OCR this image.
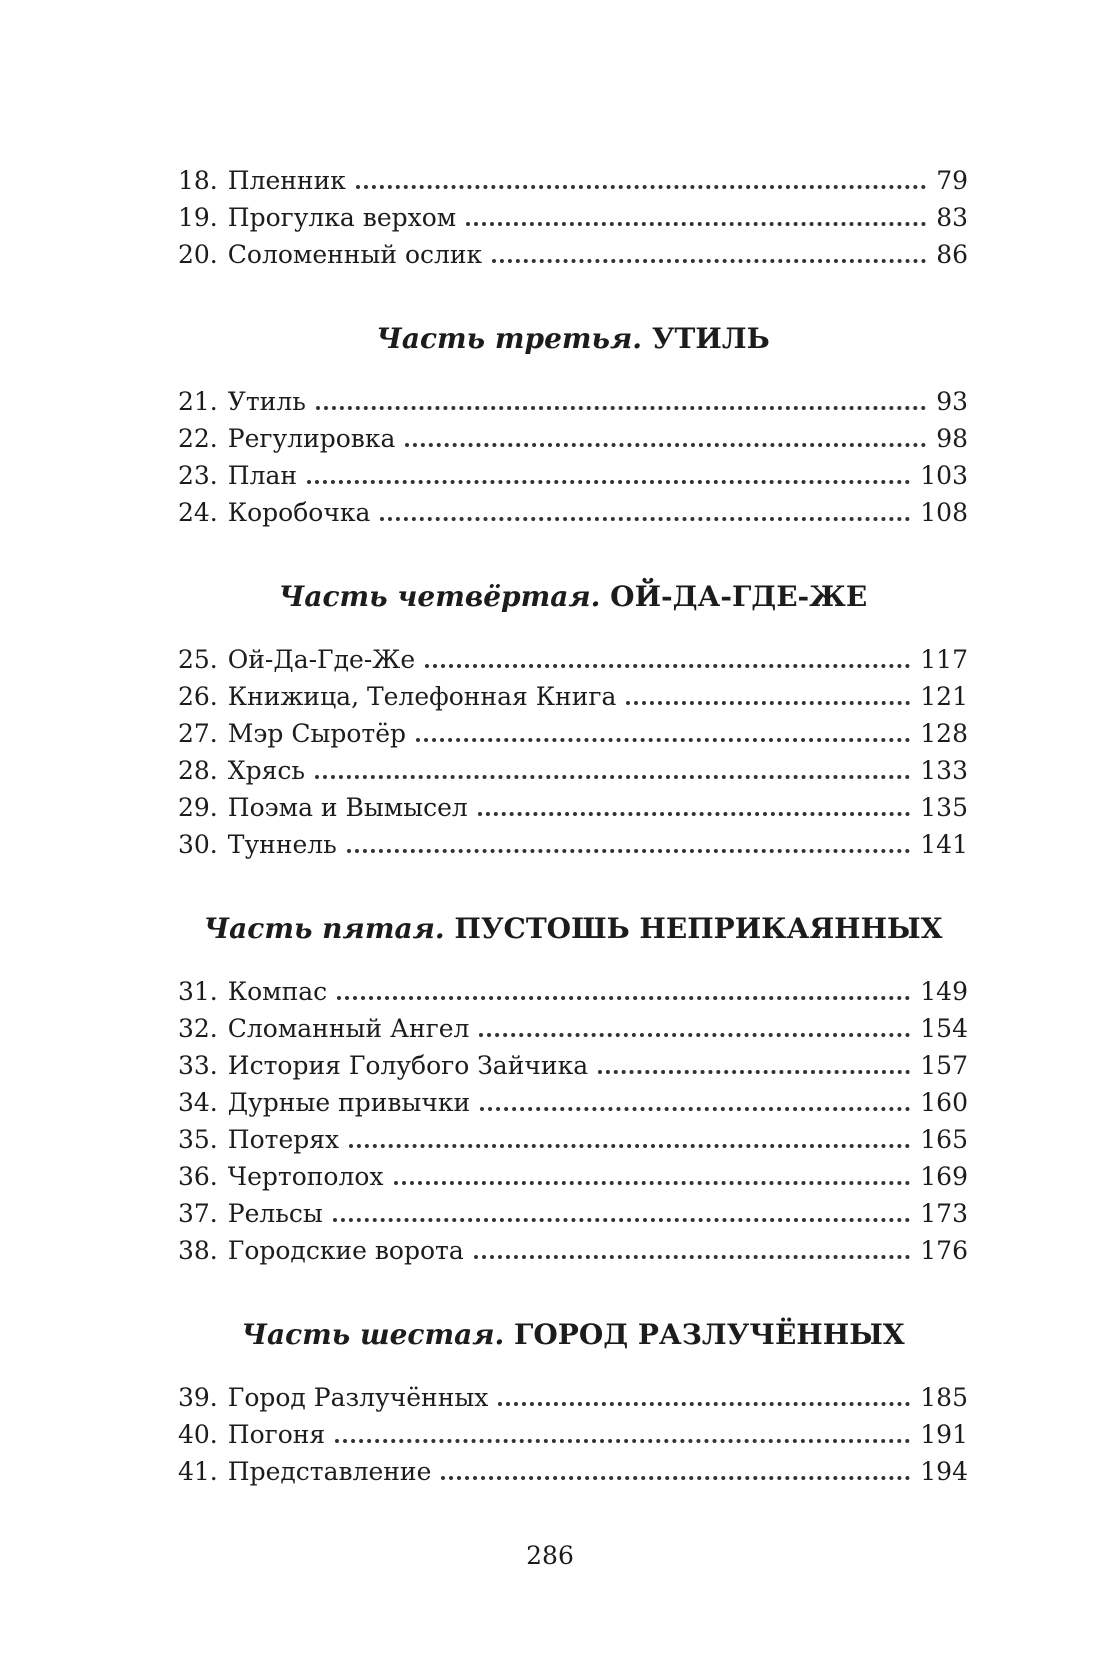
18. Пленник	79
19. Прогулка верхом	83
20. Соломенный ослик	86
Часть третья. УТИЛЬ
21. Утиль	93
22. Регулировка	98
23. План	103
24. Коробочка	108
Часть четвёртая. ОЙ-ДА-ГДЕ-ЖЕ
25. Ой-Да-Где-Же	117
26. Книжица, Телефонная Книга	121
27. Мэр Сыротёр	128
28. Хрясь	133
29. Поэма и Вымысел	135
30. Туннель	141
Часть пятая. ПУСТОШЬ НЕПРИКАЯННЫХ
31. Компас	149
32. Сломанный Ангел	154
33. История Голубого Зайчика	157
34. Дурные привычки	160
35. Потерях	165
36. Чертополох	169
37. Рельсы	173
38. Городские ворота	176
Часть шестая. ГОРОД РАЗЛУЧЁННЫХ
39. Город Разлучённых	185
40. Погоня	191
41. Представление	194
286
